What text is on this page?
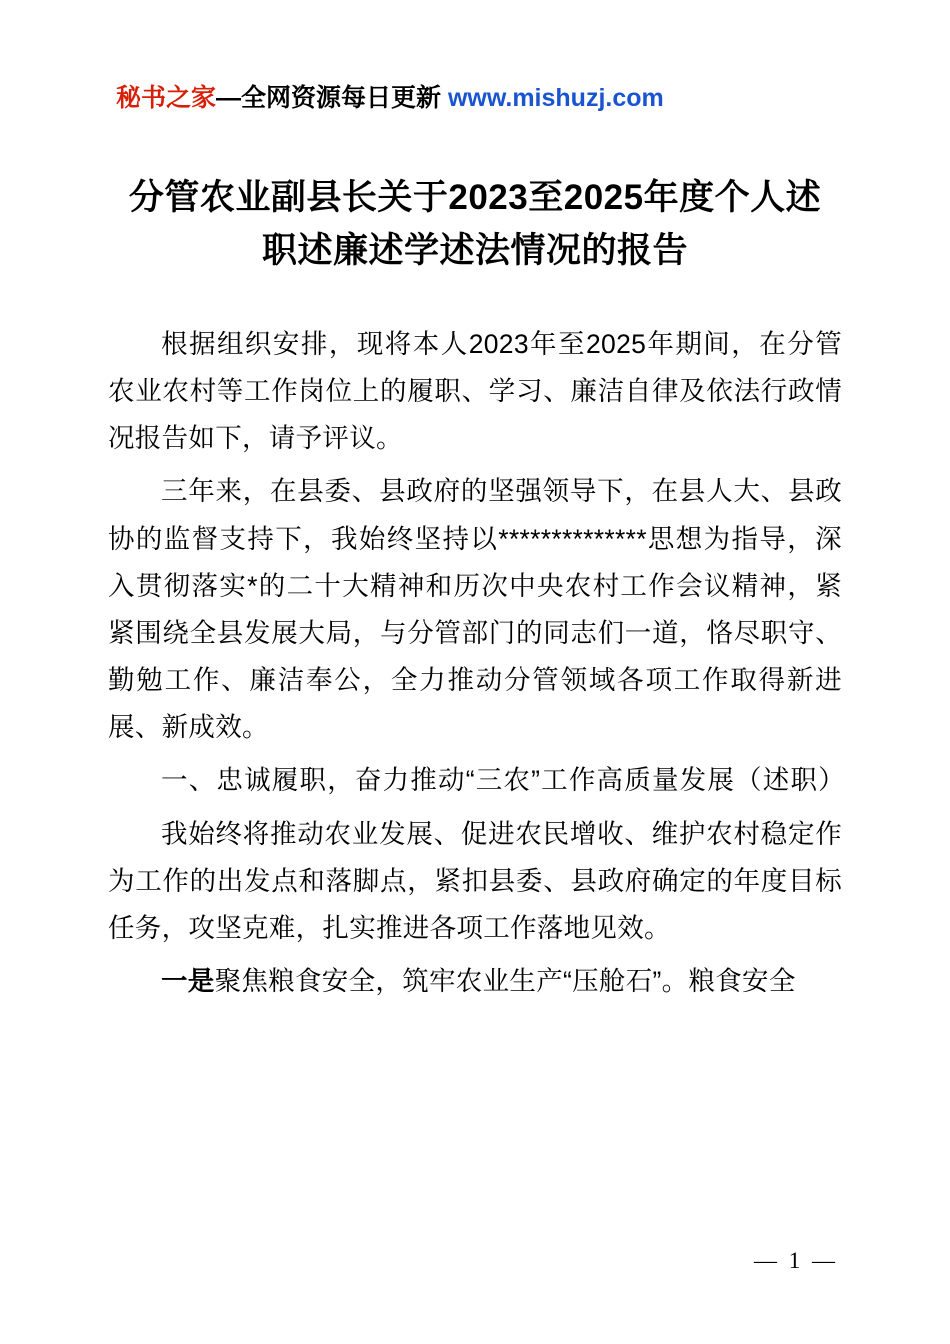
秘书之家—全网资源每日更新 www.mishuzj.com
分管农业副县长关于2023至2025年度个人述职述廉述学述法情况的报告

根据组织安排，现将本人2023年至2025年期间，在分管农业农村等工作岗位上的履职、学习、廉洁自律及依法行政情况报告如下，请予评议。

三年来，在县委、县政府的坚强领导下，在县人大、县政协的监督支持下，我始终坚持以**************思想为指导，深入贯彻落实*的二十大精神和历次中央农村工作会议精神，紧紧围绕全县发展大局，与分管部门的同志们一道，恪尽职守、勤勉工作、廉洁奉公，全力推动分管领域各项工作取得新进展、新成效。

一、忠诚履职，奋力推动“三农”工作高质量发展（述职）

我始终将推动农业发展、促进农民增收、维护农村稳定作为工作的出发点和落脚点，紧扣县委、县政府确定的年度目标任务，攻坚克难，扎实推进各项工作落地见效。

一是聚焦粮食安全，筑牢农业生产“压舱石”。粮食安全

— 1 —
